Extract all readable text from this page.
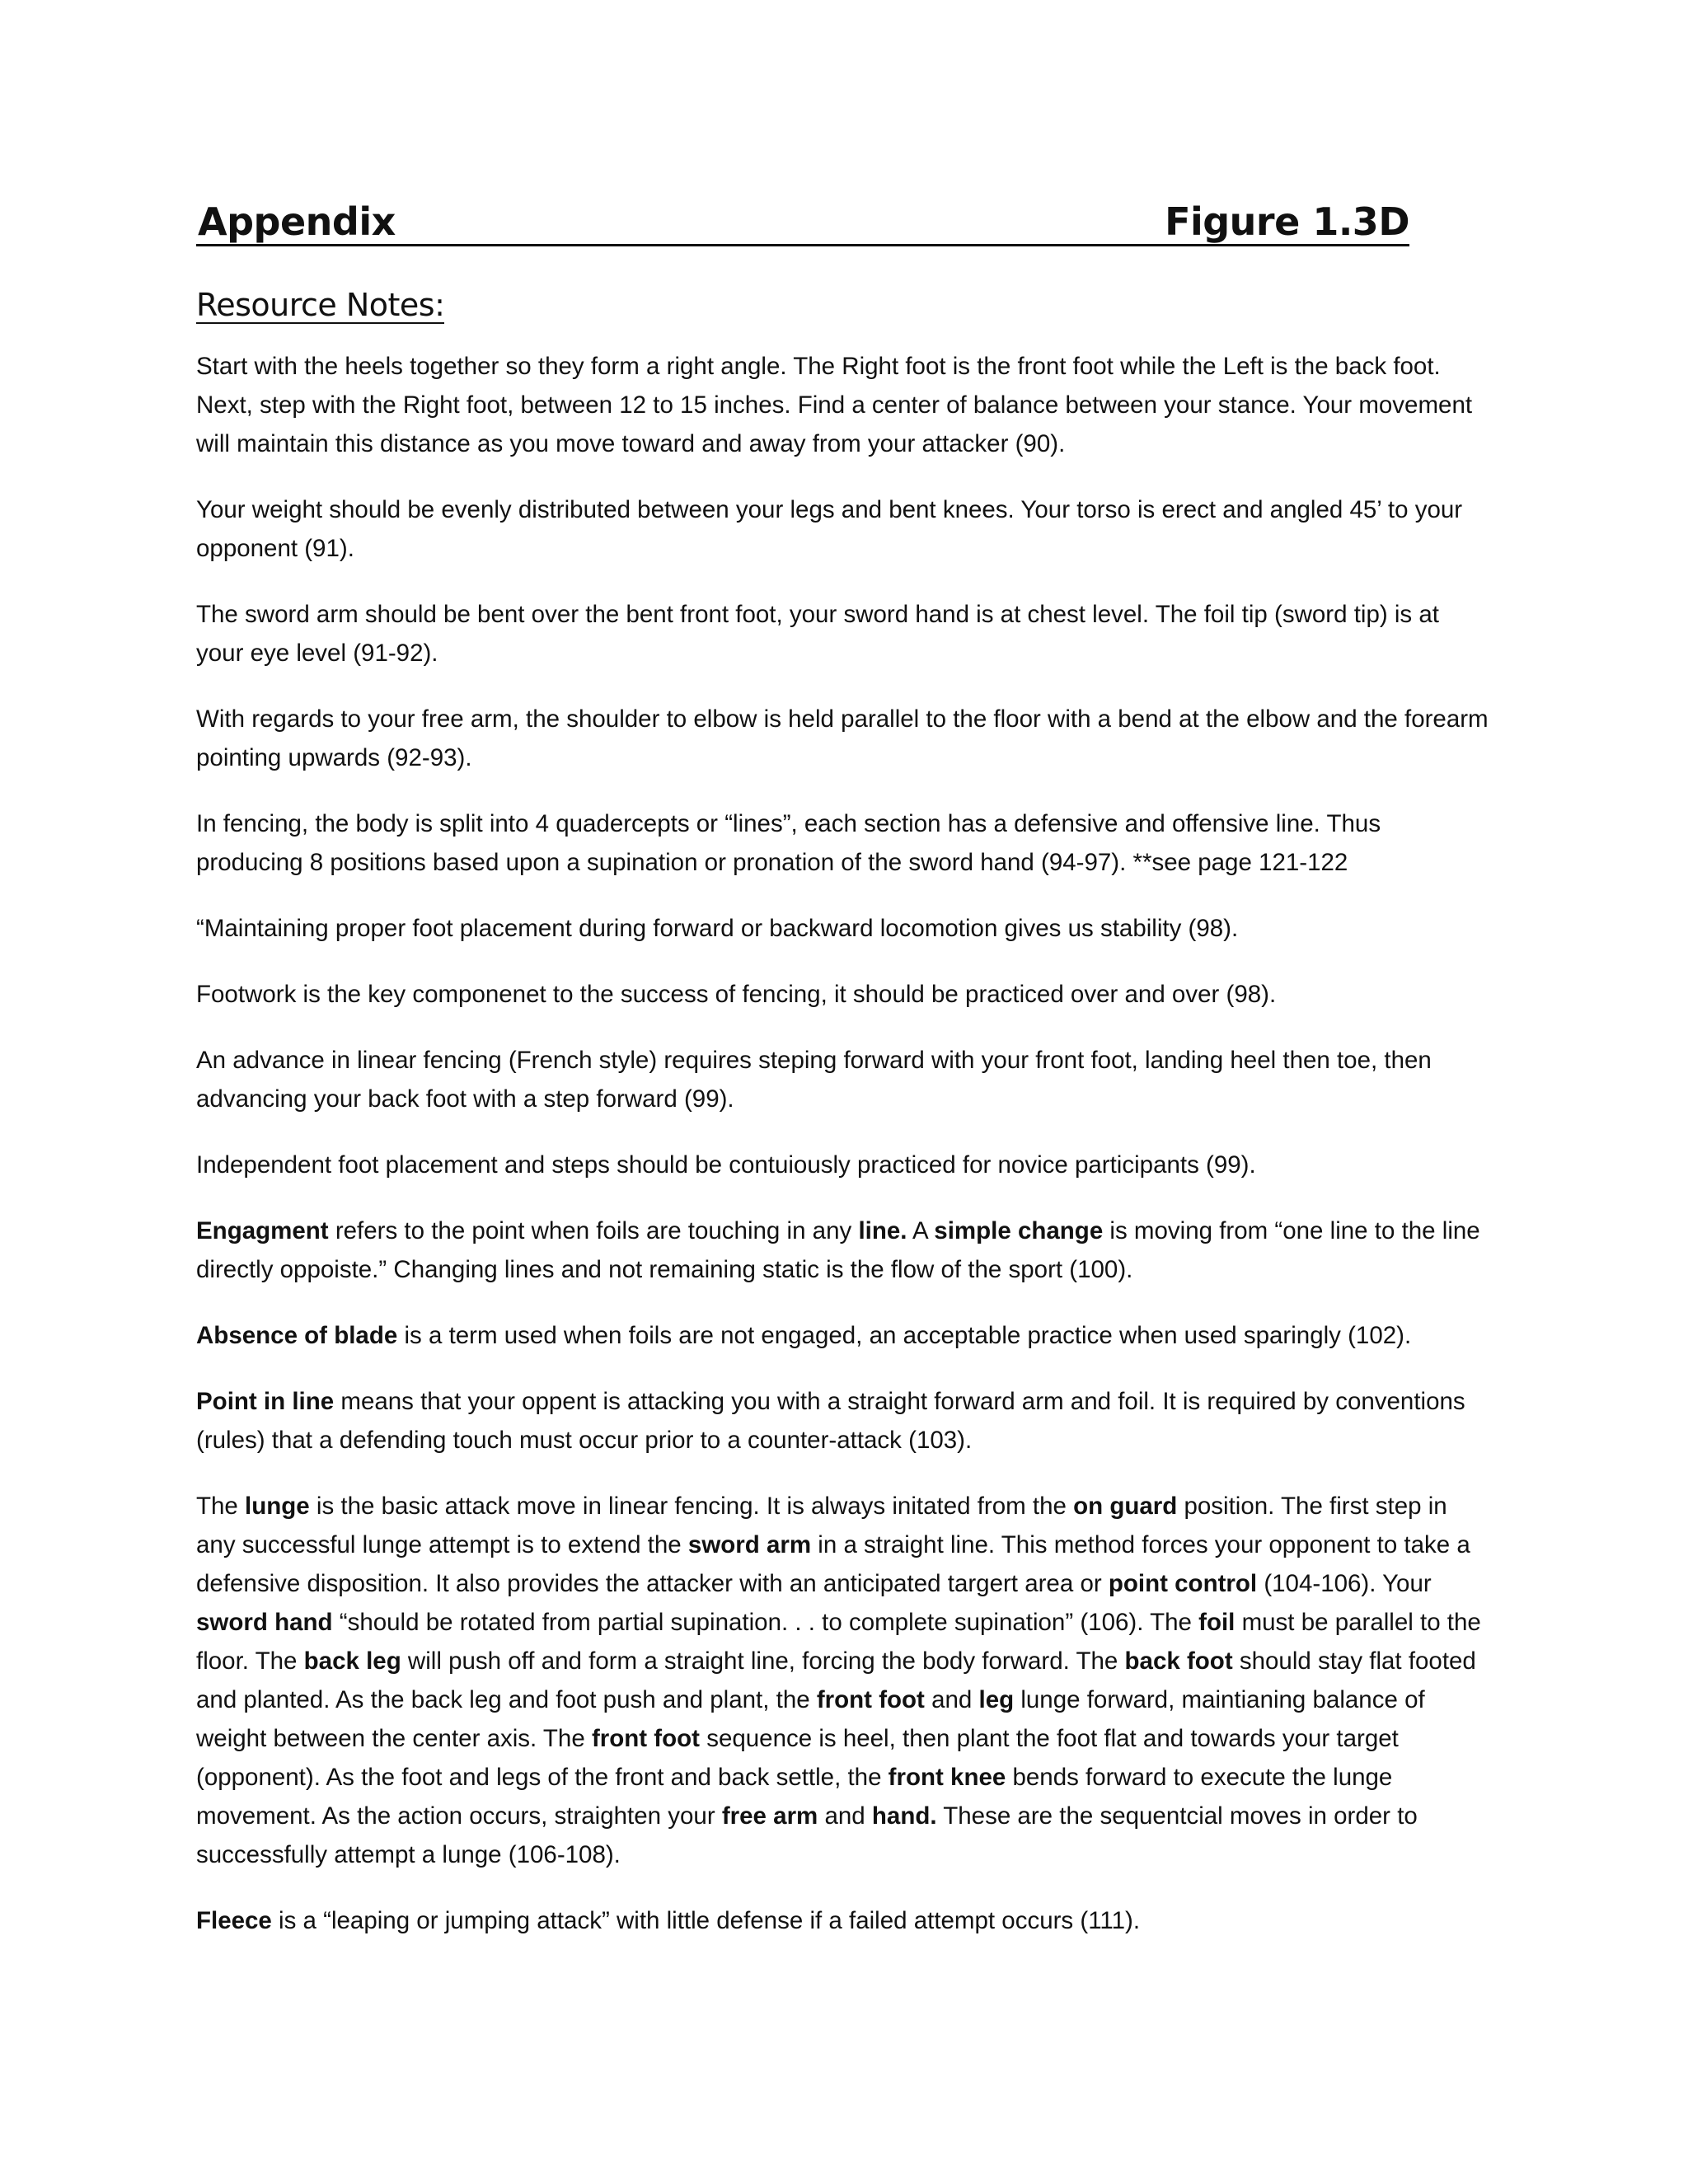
Appendix	Figure 1.3D
Resource Notes:

Start with the heels together so they form a right angle. The Right foot is the front foot while the Left is the back foot. Next, step with the Right foot, between 12 to 15 inches. Find a center of balance between your stance. Your movement will maintain this distance as you move toward and away from your attacker (90).

Your weight should be evenly distributed between your legs and bent knees. Your torso is erect and angled 45’ to your opponent (91).

The sword arm should be bent over the bent front foot, your sword hand is at chest level. The foil tip (sword tip) is at your eye level (91-92).

With regards to your free arm, the shoulder to elbow is held parallel to the floor with a bend at the elbow and the forearm pointing upwards (92-93).

In fencing, the body is split into 4 quadercepts or “lines”, each section has a defensive and offensive line. Thus producing 8 positions based upon a supination or pronation of the sword hand (94-97). **see page 121-122

“Maintaining proper foot placement during forward or backward locomotion gives us stability (98).

Footwork is the key componenet to the success of fencing, it should be practiced over and over (98).

An advance in linear fencing (French style) requires steping forward with your front foot, landing heel then toe, then advancing your back foot with a step forward (99).

Independent foot placement and steps should be contuiously practiced for novice participants (99).

Engagment refers to the point when foils are touching in any line. A simple change is moving from “one line to the line directly oppoiste.” Changing lines and not remaining static is the flow of the sport (100).

Absence of blade is a term used when foils are not engaged, an acceptable practice when used sparingly (102).

Point in line means that your oppent is attacking you with a straight forward arm and foil. It is required by conventions (rules) that a defending touch must occur prior to a counter-attack (103).

The lunge is the basic attack move in linear fencing. It is always initated from the on guard position. The first step in any successful lunge attempt is to extend the sword arm in a straight line. This method forces your opponent to take a defensive disposition. It also provides the attacker with an anticipated targert area or point control (104-106). Your sword hand “should be rotated from partial supination. . . to complete supination” (106). The foil must be parallel to the floor. The back leg will push off and form a straight line, forcing the body forward. The back foot should stay flat footed and planted. As the back leg and foot push and plant, the front foot and leg lunge forward, maintianing balance of weight between the center axis. The front foot sequence is heel, then plant the foot flat and towards your target (opponent). As the foot and legs of the front and back settle, the front knee bends forward to execute the lunge movement. As the action occurs, straighten your free arm and hand. These are the sequentcial moves in order to successfully attempt a lunge (106-108).

Fleece is a “leaping or jumping attack” with little defense if a failed attempt occurs (111).
